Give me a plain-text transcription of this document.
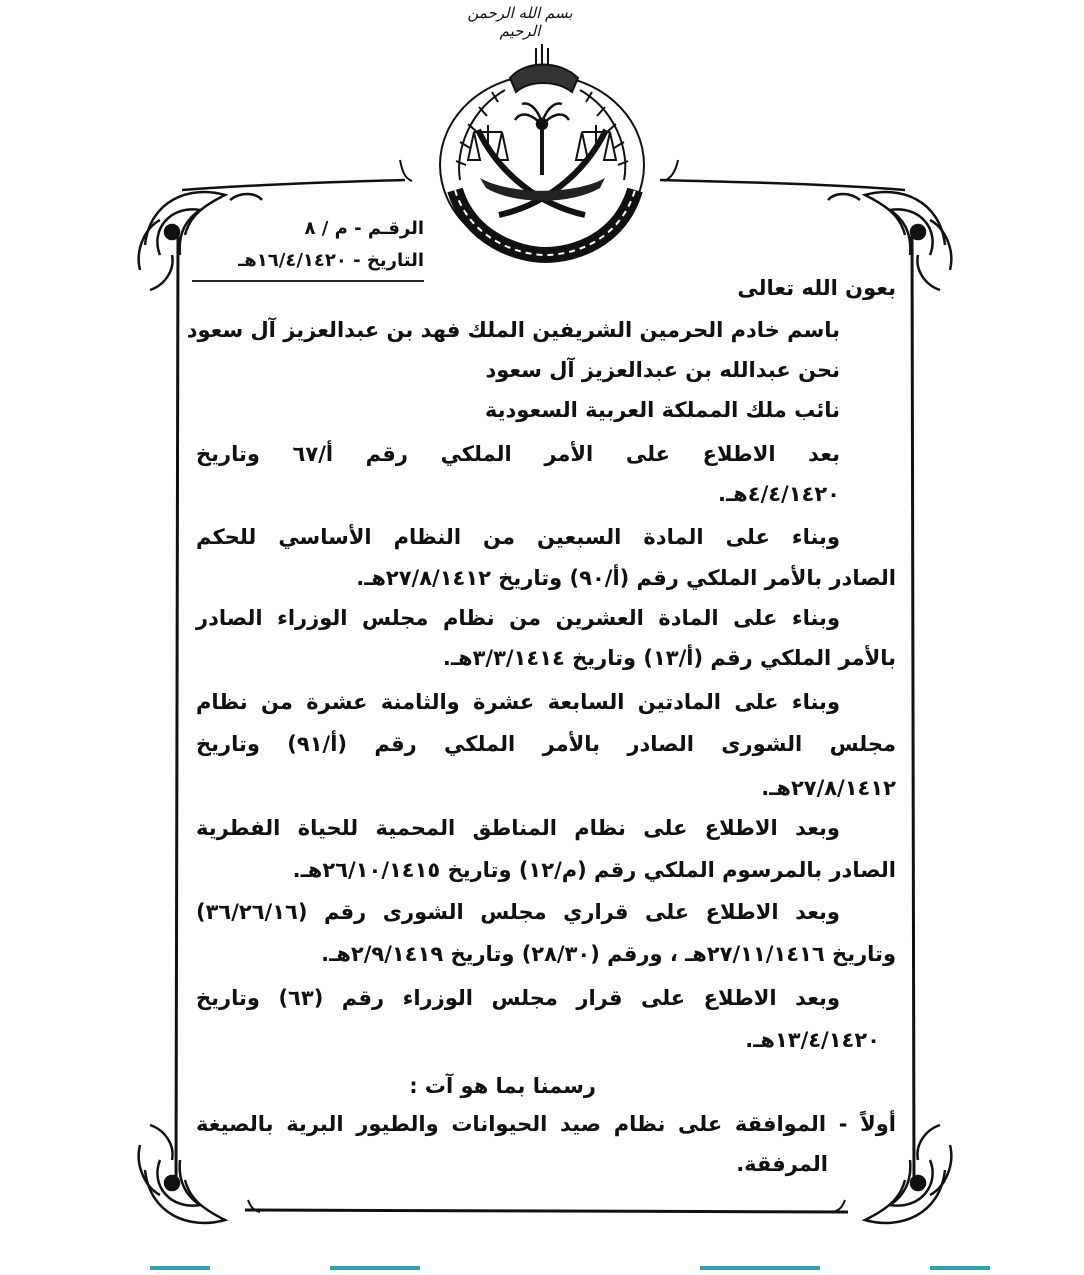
بسم الله الرحمن الرحيم
الرقـم - م / ٨
التاريخ - ١٦/٤/١٤٢٠هـ
بعون الله تعالى
باسم خادم الحرمين الشريفين الملك فهد بن عبدالعزيز آل سعود
نحن عبدالله بن عبدالعزيز آل سعود
نائب ملك المملكة العربية السعودية
بعد الاطلاع على الأمر الملكي رقم أ/٦٧ وتاريخ
٤/٤/١٤٢٠هـ.
وبناء على المادة السبعين من النظام الأساسي للحكم
الصادر بالأمر الملكي رقم (أ/٩٠) وتاريخ ٢٧/٨/١٤١٢هـ.
وبناء على المادة العشرين من نظام مجلس الوزراء الصادر
بالأمر الملكي رقم (أ/١٣) وتاريخ ٣/٣/١٤١٤هـ.
وبناء على المادتين السابعة عشرة والثامنة عشرة من نظام
مجلس الشورى الصادر بالأمر الملكي رقم (أ/٩١) وتاريخ
٢٧/٨/١٤١٢هـ.
وبعد الاطلاع على نظام المناطق المحمية للحياة الفطرية
الصادر بالمرسوم الملكي رقم (م/١٢) وتاريخ ٢٦/١٠/١٤١٥هـ.
وبعد الاطلاع على قراري مجلس الشورى رقم (٣٦/٢٦/١٦)
وتاريخ ٢٧/١١/١٤١٦هـ ، ورقم (٢٨/٣٠) وتاريخ ٢/٩/١٤١٩هـ.
وبعد الاطلاع على قرار مجلس الوزراء رقم (٦٣) وتاريخ
١٣/٤/١٤٢٠هـ.
رسمنا بما هو آت :
أولاً - الموافقة على نظام صيد الحيوانات والطيور البرية بالصيغة
المرفقة.
